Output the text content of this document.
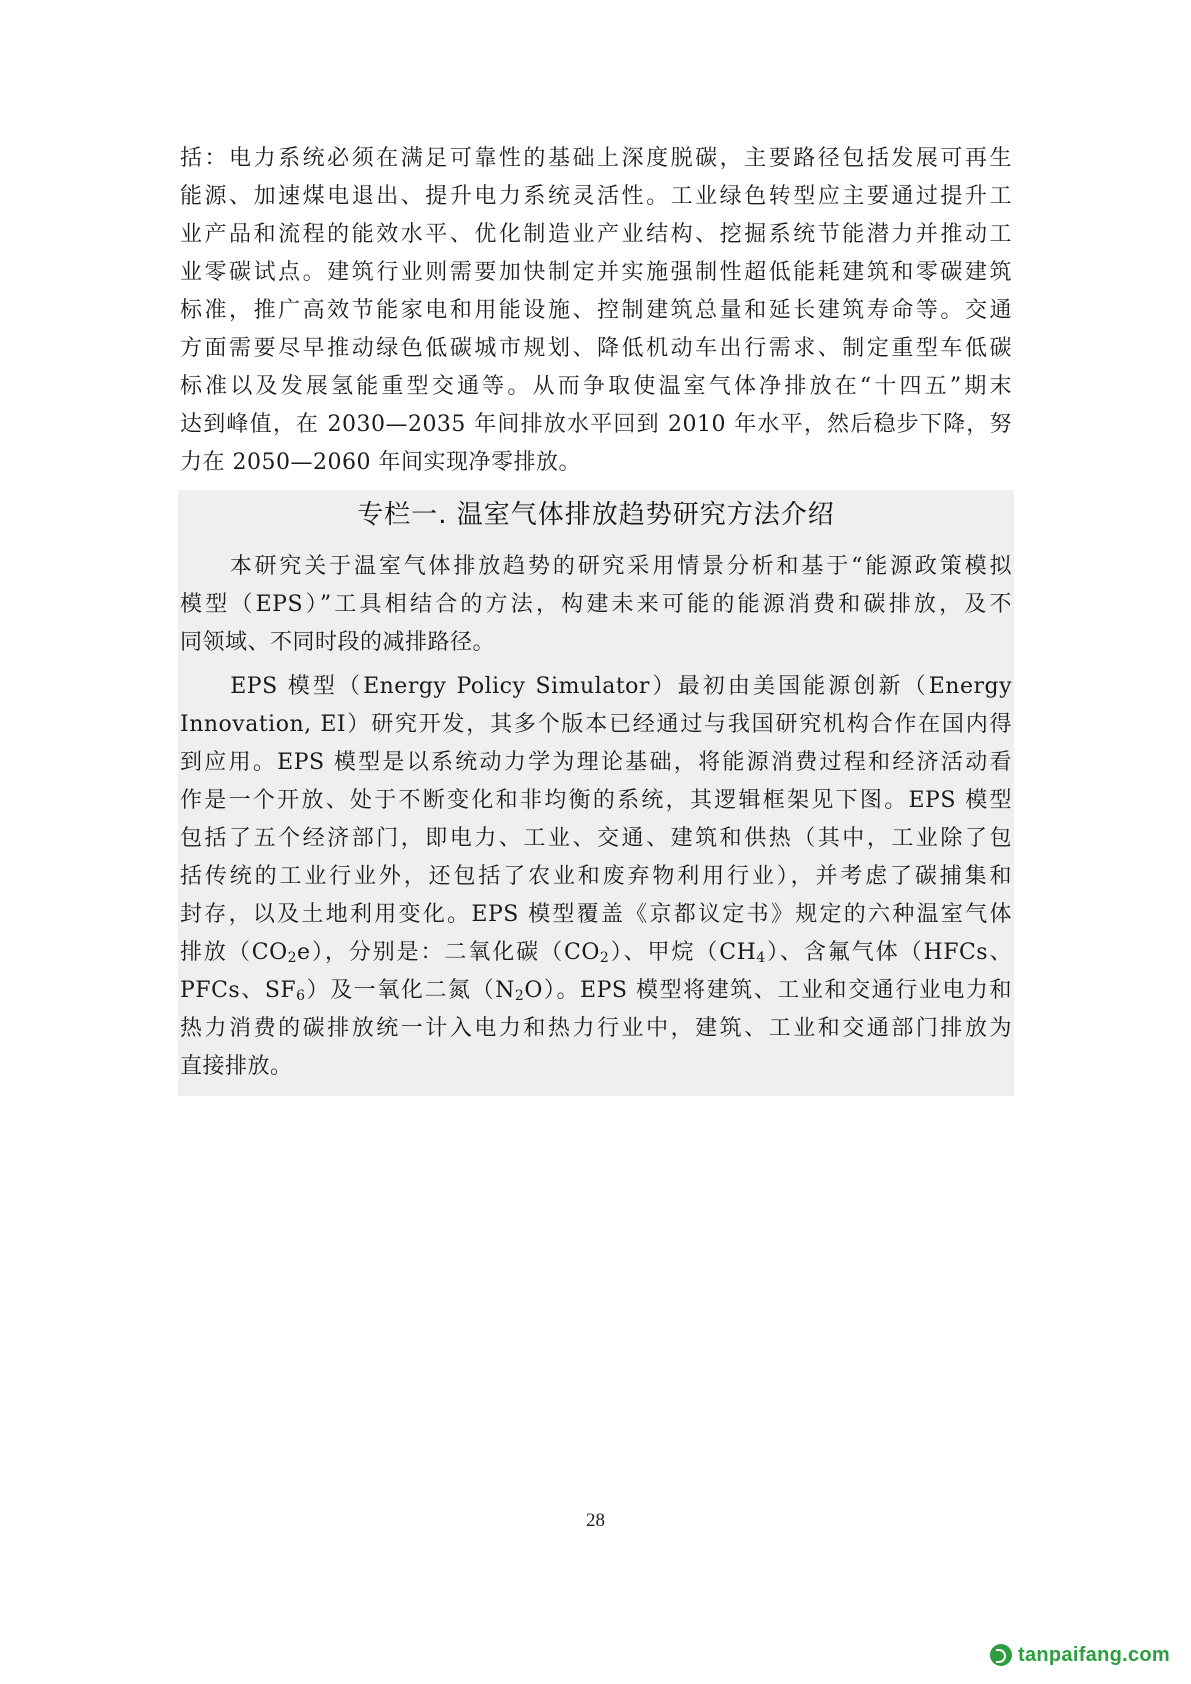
括：电力系统必须在满足可靠性的基础上深度脱碳，主要路径包括发展可再生
能源、加速煤电退出、提升电力系统灵活性。工业绿色转型应主要通过提升工
业产品和流程的能效水平、优化制造业产业结构、挖掘系统节能潜力并推动工
业零碳试点。建筑行业则需要加快制定并实施强制性超低能耗建筑和零碳建筑
标准，推广高效节能家电和用能设施、控制建筑总量和延长建筑寿命等。交通
方面需要尽早推动绿色低碳城市规划、降低机动车出行需求、制定重型车低碳
标准以及发展氢能重型交通等。从而争取使温室气体净排放在“十四五”期末
达到峰值，在 2030—2035 年间排放水平回到 2010 年水平，然后稳步下降，努
力在 2050—2060 年间实现净零排放。
专栏一. 温室气体排放趋势研究方法介绍
　　本研究关于温室气体排放趋势的研究采用情景分析和基于“能源政策模拟
模型（EPS）”工具相结合的方法，构建未来可能的能源消费和碳排放，及不
同领域、不同时段的减排路径。
　　EPS 模型（Energy Policy Simulator）最初由美国能源创新（Energy
Innovation, EI）研究开发，其多个版本已经通过与我国研究机构合作在国内得
到应用。EPS 模型是以系统动力学为理论基础，将能源消费过程和经济活动看
作是一个开放、处于不断变化和非均衡的系统，其逻辑框架见下图。EPS 模型
包括了五个经济部门，即电力、工业、交通、建筑和供热（其中，工业除了包
括传统的工业行业外，还包括了农业和废弃物利用行业），并考虑了碳捕集和
封存，以及土地利用变化。EPS 模型覆盖《京都议定书》规定的六种温室气体
排放$(CO_2e)$，分别是：二氧化碳$(CO_2)$、甲烷$(CH_4)$、含氟气体（HFCs、
PFCs、$SF_6$）及一氧化二氮$(N_2O)$。EPS 模型将建筑、工业和交通行业电力和
热力消费的碳排放统一计入电力和热力行业中，建筑、工业和交通部门排放为
直接排放。
28
tanpaifang.com
